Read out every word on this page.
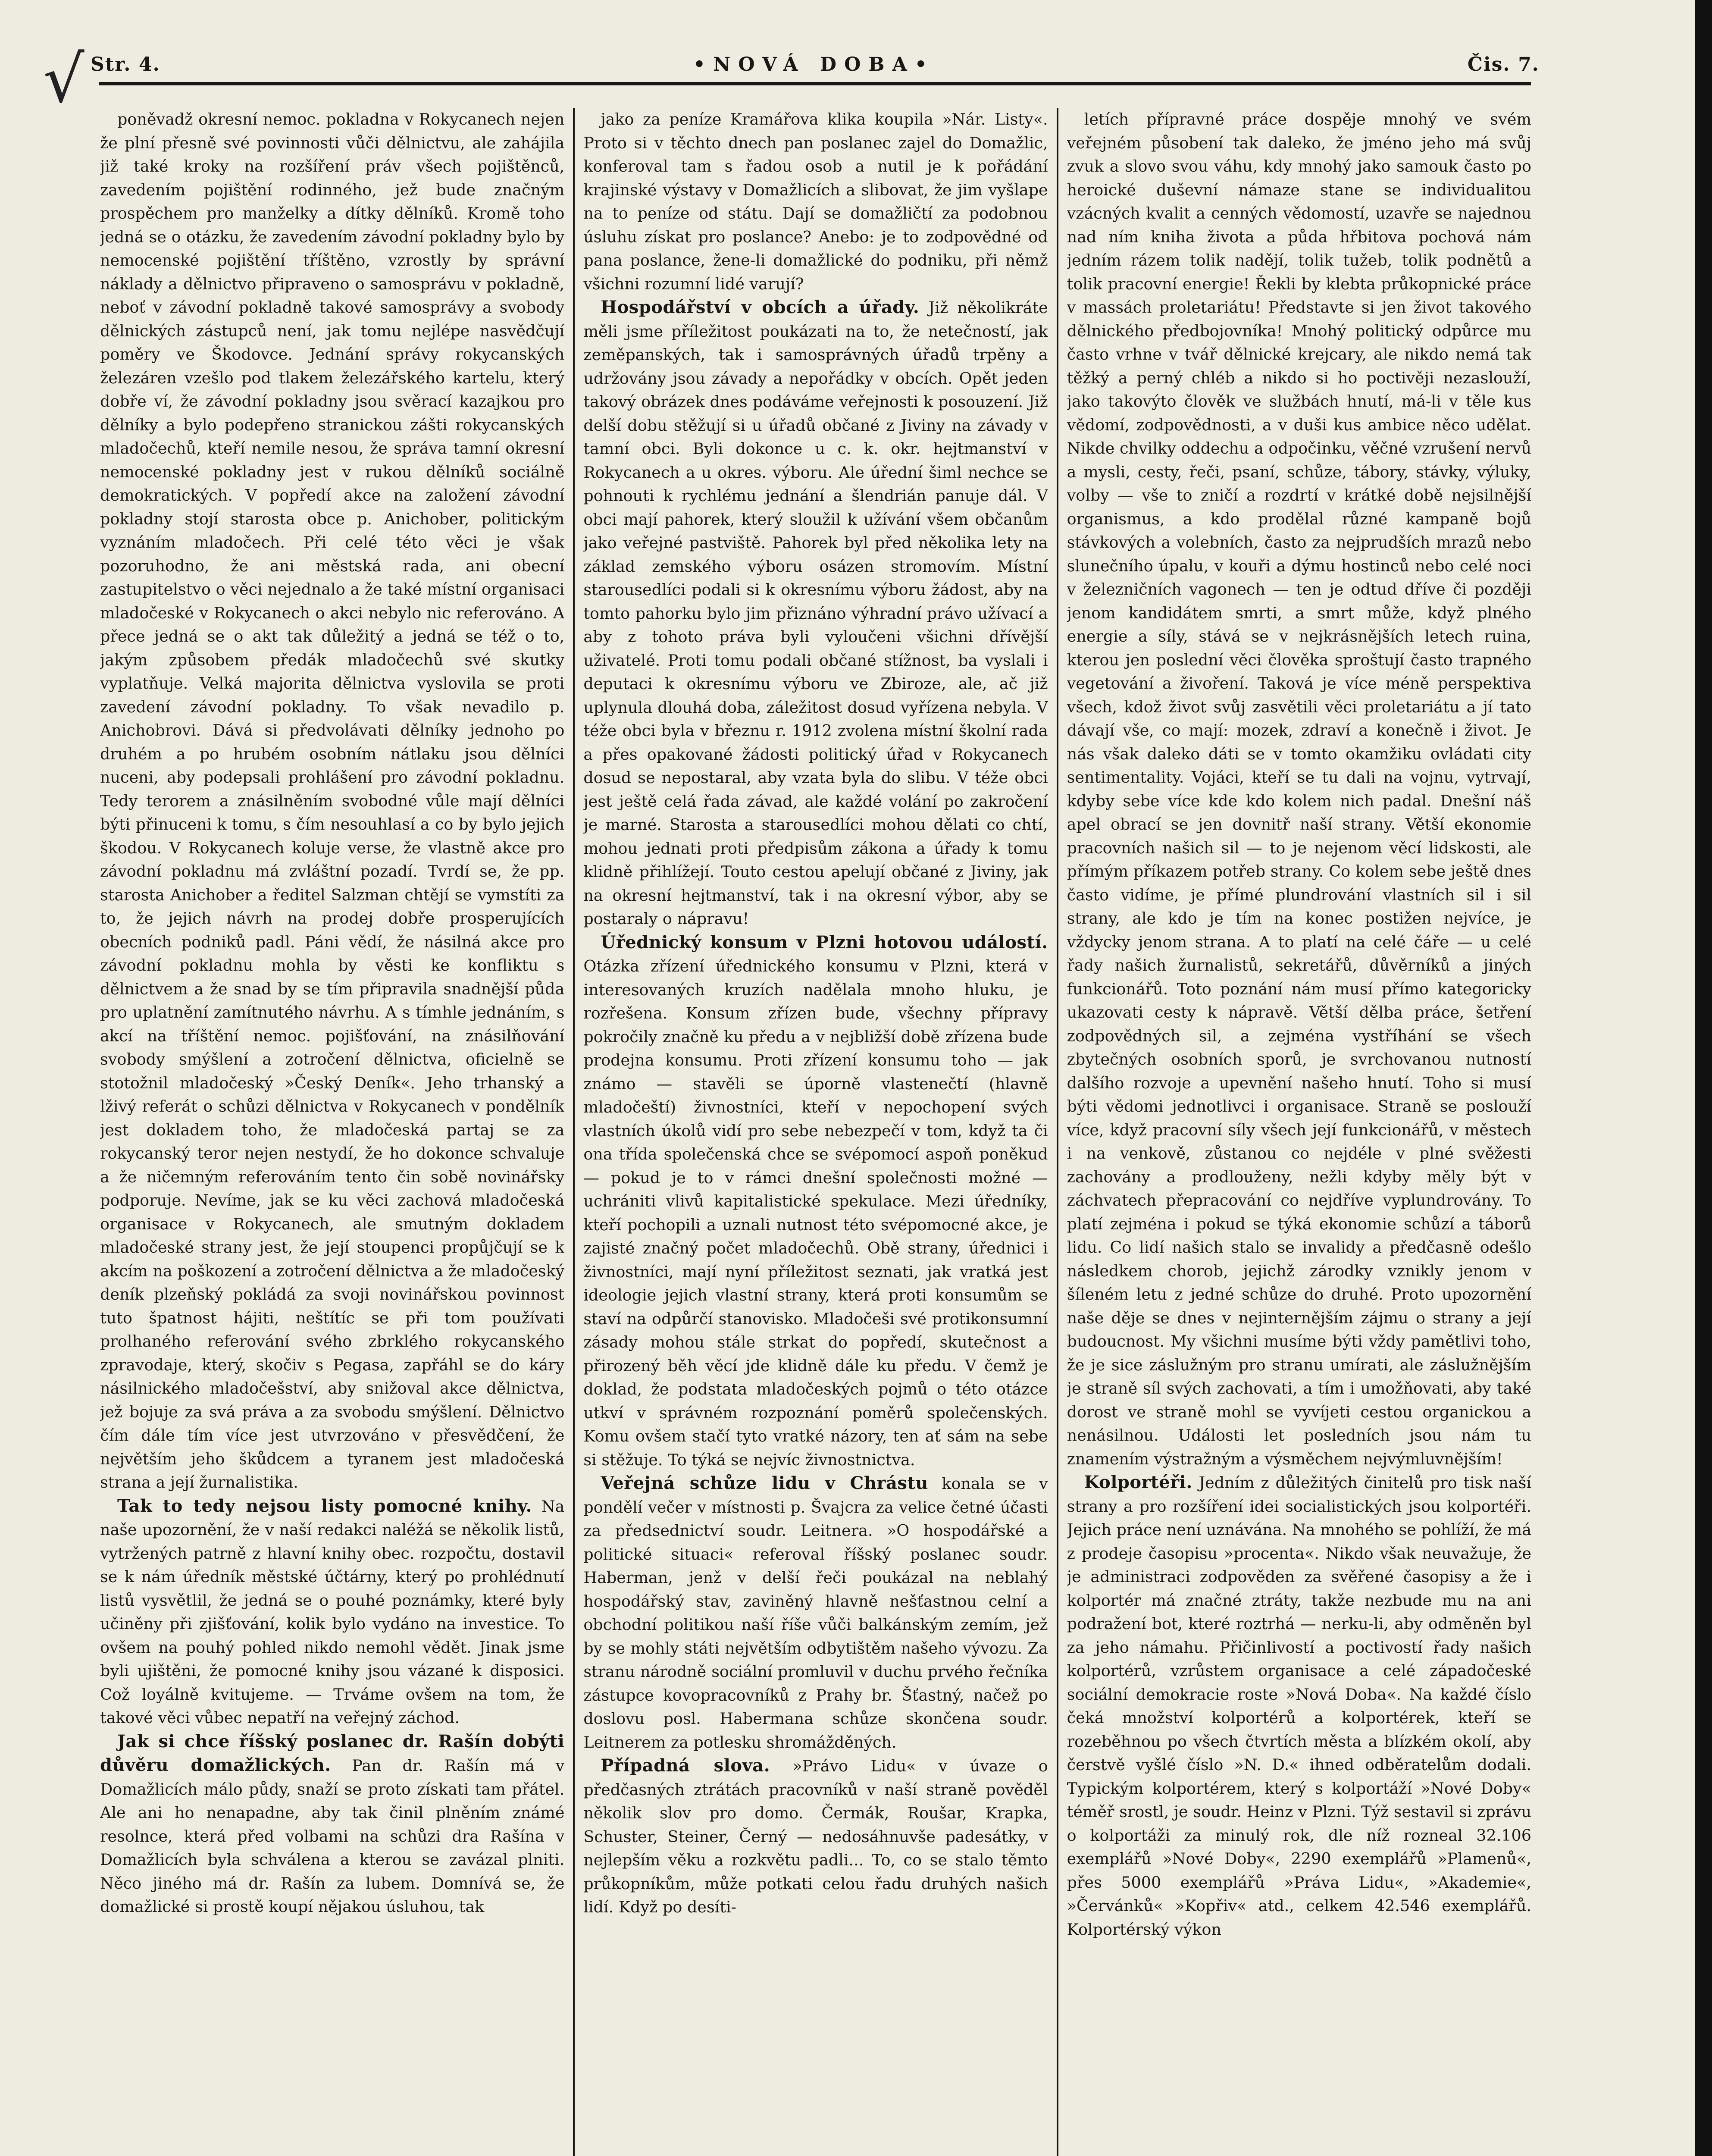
√ Str. 4.	•NOVÁ DOBA•	Čis. 7.

poněvadž okresní nemoc. pokladna v Rokycanech nejen že plní přesně své povinnosti vůči dělnictvu, ale zahájila již také kroky na rozšíření práv všech pojištěnců, zavedením pojištění rodinného, jež bude značným prospěchem pro manželky a dítky dělníků. Kromě toho jedná se o otázku, že zavedením závodní pokladny bylo by nemocenské pojištění tříštěno, vzrostly by správní náklady a dělnictvo připraveno o samosprávu v pokladně, neboť v závodní pokladně takové samosprávy a svobody dělnických zástupců není, jak tomu nejlépe nasvědčují poměry ve Škodovce. Jednání správy rokycanských železáren vzešlo pod tlakem železářského kartelu, který dobře ví, že závodní pokladny jsou svěrací kazajkou pro dělníky a bylo podepřeno stranickou zášti rokycanských mladočechů, kteří nemile nesou, že správa tamní okresní nemocenské pokladny jest v rukou dělníků sociálně demokratických. V popředí akce na založení závodní pokladny stojí starosta obce p. Anichober, politickým vyznáním mladočech. Při celé této věci je však pozoruhodno, že ani městská rada, ani obecní zastupitelstvo o věci nejednalo a že také místní organisaci mladočeské v Rokycanech o akci nebylo nic referováno. A přece jedná se o akt tak důležitý a jedná se též o to, jakým způsobem předák mladočechů své skutky vyplatňuje. Velká majorita dělnictva vyslovila se proti zavedení závodní pokladny. To však nevadilo p. Anichobrovi. Dává si předvolávati dělníky jednoho po druhém a po hrubém osobním nátlaku jsou dělníci nuceni, aby podepsali prohlášení pro závodní pokladnu. Tedy terorem a znásilněním svobodné vůle mají dělníci býti přinuceni k tomu, s čím nesouhlasí a co by bylo jejich škodou. V Rokycanech koluje verse, že vlastně akce pro závodní pokladnu má zvláštní pozadí. Tvrdí se, že pp. starosta Anichober a ředitel Salzman chtějí se vymstíti za to, že jejich návrh na prodej dobře prosperujících obecních podniků padl. Páni vědí, že násilná akce pro závodní pokladnu mohla by věsti ke konfliktu s dělnictvem a že snad by se tím připravila snadnější půda pro uplatnění zamítnutého návrhu. A s tímhle jednáním, s akcí na tříštění nemoc. pojišťování, na znásilňování svobody smýšlení a zotročení dělnictva, oficielně se stotožnil mladočeský »Český Deník«. Jeho trhanský a lživý referát o schůzi dělnictva v Rokycanech v pondělník jest dokladem toho, že mladočeská partaj se za rokycanský teror nejen nestydí, že ho dokonce schvaluje a že ničemným referováním tento čin sobě novinářsky podporuje. Nevíme, jak se ku věci zachová mladočeská organisace v Rokycanech, ale smutným dokladem mladočeské strany jest, že její stoupenci propůjčují se k akcím na poškození a zotročení dělnictva a že mladočeský deník plzeňský pokládá za svoji novinářskou povinnost tuto špatnost hájiti, neštítíc se při tom používati prolhaného referování svého zbrklého rokycanského zpravodaje, který, skočiv s Pegasa, zapřáhl se do káry násilnického mladočešství, aby snižoval akce dělnictva, jež bojuje za svá práva a za svobodu smýšlení. Dělnictvo čím dále tím více jest utvrzováno v přesvědčení, že největším jeho škůdcem a tyranem jest mladočeská strana a její žurnalistika.

Tak to tedy nejsou listy pomocné knihy. Na naše upozornění, že v naší redakci naléžá se několik listů, vytržených patrně z hlavní knihy obec. rozpočtu, dostavil se k nám úředník městské účtárny, který po prohlédnutí listů vysvětlil, že jedná se o pouhé poznámky, které byly učiněny při zjišťování, kolik bylo vydáno na investice. To ovšem na pouhý pohled nikdo nemohl vědět. Jinak jsme byli ujištěni, že pomocné knihy jsou vázané k disposici. Což loyálně kvitujeme. — Trváme ovšem na tom, že takové věci vůbec nepatří na veřejný záchod.

Jak si chce říšský poslanec dr. Rašín dobýti důvěru domažlických. Pan dr. Rašín má v Domažlicích málo půdy, snaží se proto získati tam přátel. Ale ani ho nenapadne, aby tak činil plněním známé resolnce, která před volbami na schůzi dra Rašína v Domažlicích byla schválena a kterou se zavázal plniti. Něco jiného má dr. Rašín za lubem. Domnívá se, že domažlické si prostě koupí nějakou úsluhou, tak

jako za peníze Kramářova klika koupila »Nár. Listy«. Proto si v těchto dnech pan poslanec zajel do Domažlic, konferoval tam s řadou osob a nutil je k pořádání krajinské výstavy v Domažlicích a slibovat, že jim vyšlape na to peníze od státu. Dají se domažličtí za podobnou úsluhu získat pro poslance? Anebo: je to zodpovědné od pana poslance, žene-li domažlické do podniku, při němž všichni rozumní lidé varují?

Hospodářství v obcích a úřady. Již několikráte měli jsme příležitost poukázati na to, že netečností, jak zeměpanských, tak i samosprávných úřadů trpěny a udržovány jsou závady a nepořádky v obcích. Opět jeden takový obrázek dnes podáváme veřejnosti k posouzení. Již delší dobu stěžují si u úřadů občané z Jiviny na závady v tamní obci. Byli dokonce u c. k. okr. hejtmanství v Rokycanech a u okres. výboru. Ale úřední šiml nechce se pohnouti k rychlému jednání a šlendrián panuje dál. V obci mají pahorek, který sloužil k užívání všem občanům jako veřejné pastviště. Pahorek byl před několika lety na základ zemského výboru osázen stromovím. Místní starousedlíci podali si k okresnímu výboru žádost, aby na tomto pahorku bylo jim přiznáno výhradní právo užívací a aby z tohoto práva byli vyloučeni všichni dřívější uživatelé. Proti tomu podali občané stížnost, ba vyslali i deputaci k okresnímu výboru ve Zbiroze, ale, ač již uplynula dlouhá doba, záležitost dosud vyřízena nebyla. V téže obci byla v březnu r. 1912 zvolena místní školní rada a přes opakované žádosti politický úřad v Rokycanech dosud se nepostaral, aby vzata byla do slibu. V téže obci jest ještě celá řada závad, ale každé volání po zakročení je marné. Starosta a starousedlíci mohou dělati co chtí, mohou jednati proti předpisům zákona a úřady k tomu klidně přihlížejí. Touto cestou apelují občané z Jiviny, jak na okresní hejtmanství, tak i na okresní výbor, aby se postaraly o nápravu!

Úřednický konsum v Plzni hotovou událostí. Otázka zřízení úřednického konsumu v Plzni, která v interesovaných kruzích nadělala mnoho hluku, je rozřešena. Konsum zřízen bude, všechny přípravy pokročily značně ku předu a v nejbližší době zřízena bude prodejna konsumu. Proti zřízení konsumu toho — jak známo — stavěli se úporně vlastenečtí (hlavně mladočeští) živnostníci, kteří v nepochopení svých vlastních úkolů vidí pro sebe nebezpečí v tom, když ta či ona třída společenská chce se svépomocí aspoň poněkud — pokud je to v rámci dnešní společnosti možné — uchrániti vlivů kapitalistické spekulace. Mezi úředníky, kteří pochopili a uznali nutnost této svépomocné akce, je zajisté značný počet mladočechů. Obě strany, úřednici i živnostníci, mají nyní příležitost seznati, jak vratká jest ideologie jejich vlastní strany, která proti konsumům se staví na odpůrčí stanovisko. Mladočeši své protikonsumní zásady mohou stále strkat do popředí, skutečnost a přirozený běh věcí jde klidně dále ku předu. V čemž je doklad, že podstata mladočeských pojmů o této otázce utkví v správném rozpoznání poměrů společenských. Komu ovšem stačí tyto vratké názory, ten ať sám na sebe si stěžuje. To týká se nejvíc živnostnictva.

Veřejná schůze lidu v Chrástu konala se v pondělí večer v místnosti p. Švajcra za velice četné účasti za předsednictví soudr. Leitnera. »O hospodářské a politické situaci« referoval říšský poslanec soudr. Haberman, jenž v delší řeči poukázal na neblahý hospodářský stav, zaviněný hlavně nešťastnou celní a obchodní politikou naší říše vůči balkánským zemím, jež by se mohly státi největším odbytištěm našeho vývozu. Za stranu národně sociální promluvil v duchu prvého řečníka zástupce kovopracovníků z Prahy br. Šťastný, načež po doslovu posl. Habermana schůze skončena soudr. Leitnerem za potlesku shromážděných.

Případná slova. »Právo Lidu« v úvaze o předčasných ztrátách pracovníků v naší straně pověděl několik slov pro domo. Čermák, Roušar, Krapka, Schuster, Steiner, Černý — nedosáhnuvše padesátky, v nejlepším věku a rozkvětu padli... To, co se stalo těmto průkopníkům, může potkati celou řadu druhých našich lidí. Když po desíti-

letích přípravné práce dospěje mnohý ve svém veřejném působení tak daleko, že jméno jeho má svůj zvuk a slovo svou váhu, kdy mnohý jako samouk často po heroické duševní námaze stane se individualitou vzácných kvalit a cenných vědomostí, uzavře se najednou nad ním kniha života a půda hřbitova pochová nám jedním rázem tolik nadějí, tolik tužeb, tolik podnětů a tolik pracovní energie! Řekli by klebta průkopnické práce v massách proletariátu! Představte si jen život takového dělnického předbojovníka! Mnohý politický odpůrce mu často vrhne v tvář dělnické krejcary, ale nikdo nemá tak těžký a perný chléb a nikdo si ho poctivěji nezaslouží, jako takovýto člověk ve službách hnutí, má-li v těle kus vědomí, zodpovědnosti, a v duši kus ambice něco udělat. Nikde chvilky oddechu a odpočinku, věčné vzrušení nervů a mysli, cesty, řeči, psaní, schůze, tábory, stávky, výluky, volby — vše to zničí a rozdrtí v krátké době nejsilnější organismus, a kdo prodělal různé kampaně bojů stávkových a volebních, často za nejprudších mrazů nebo slunečního úpalu, v kouři a dýmu hostinců nebo celé noci v železničních vagonech — ten je odtud dříve či později jenom kandidátem smrti, a smrt může, když plného energie a síly, stává se v nejkrásnějších letech ruina, kterou jen poslední věci člověka sproštují často trapného vegetování a živoření. Taková je více méně perspektiva všech, kdož život svůj zasvětili věci proletariátu a jí tato dávají vše, co mají: mozek, zdraví a konečně i život. Je nás však daleko dáti se v tomto okamžiku ovládati city sentimentality. Vojáci, kteří se tu dali na vojnu, vytrvají, kdyby sebe více kde kdo kolem nich padal. Dnešní náš apel obrací se jen dovnitř naší strany. Větší ekonomie pracovních našich sil — to je nejenom věcí lidskosti, ale přímým příkazem potřeb strany. Co kolem sebe ještě dnes často vidíme, je přímé plundrování vlastních sil i sil strany, ale kdo je tím na konec postižen nejvíce, je vždycky jenom strana. A to platí na celé čáře — u celé řady našich žurnalistů, sekretářů, důvěrníků a jiných funkcionářů. Toto poznání nám musí přímo kategoricky ukazovati cesty k nápravě. Větší dělba práce, šetření zodpovědných sil, a zejména vystříhání se všech zbytečných osobních sporů, je svrchovanou nutností dalšího rozvoje a upevnění našeho hnutí. Toho si musí býti vědomi jednotlivci i organisace. Straně se poslouží více, když pracovní síly všech její funkcionářů, v městech i na venkově, zůstanou co nejdéle v plné svěžesti zachovány a prodlouženy, nežli kdyby měly být v záchvatech přepracování co nejdříve vyplundrovány. To platí zejména i pokud se týká ekonomie schůzí a táborů lidu. Co lidí našich stalo se invalidy a předčasně odešlo následkem chorob, jejichž zárodky vznikly jenom v šíleném letu z jedné schůze do druhé. Proto upozornění naše děje se dnes v nejinternějším zájmu o strany a její budoucnost. My všichni musíme býti vždy pamětlivi toho, že je sice záslužným pro stranu umírati, ale záslužnějším je straně síl svých zachovati, a tím i umožňovati, aby také dorost ve straně mohl se vyvíjeti cestou organickou a nenásilnou. Události let posledních jsou nám tu znamením výstražným a výsměchem nejvýmluvnějším!

Kolportéři. Jedním z důležitých činitelů pro tisk naší strany a pro rozšíření idei socialistických jsou kolportéři. Jejich práce není uznávána. Na mnohého se pohlíží, že má z prodeje časopisu »procenta«. Nikdo však neuvažuje, že je administraci zodpověden za svěřené časopisy a že i kolportér má značné ztráty, takže nezbude mu na ani podražení bot, které roztrhá — nerku-li, aby odměněn byl za jeho námahu. Přičinlivostí a poctivostí řady našich kolportérů, vzrůstem organisace a celé západočeské sociální demokracie roste »Nová Doba«. Na každé číslo čeká množství kolportérů a kolportérek, kteří se rozeběhnou po všech čtvrtích města a blízkém okolí, aby čerstvě vyšlé číslo »N. D.« ihned odběratelům dodali. Typickým kolportérem, který s kolportáží »Nové Doby« téměř srostl, je soudr. Heinz v Plzni. Týž sestavil si zprávu o kolportáži za minulý rok, dle níž rozneal 32.106 exemplářů »Nové Doby«, 2290 exemplářů »Plamenů«, přes 5000 exemplářů »Práva Lidu«, »Akademie«, »Červánků« »Kopřiv« atd., celkem 42.546 exemplářů. Kolportérský výkon
